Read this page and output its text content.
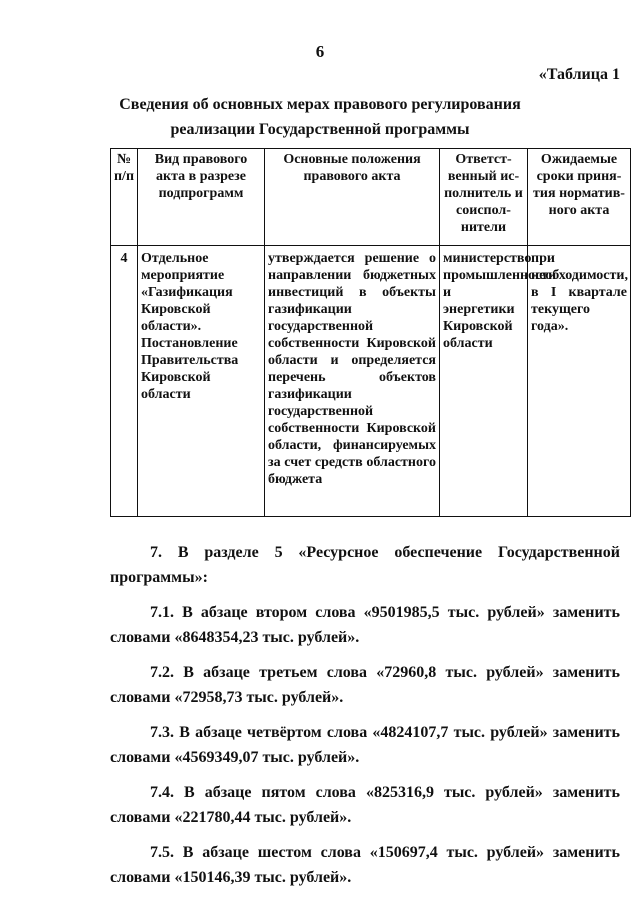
6
«Таблица 1
Сведения об основных мерах правового регулирования
реализации Государственной программы
№ п/п	Вид правового акта в разрезе подпрограмм	Основные положения правового акта	Ответст-венный ис-полнитель и соиспол-нители	Ожидаемые сроки приня-тия норматив-ного акта
4	Отдельное мероприятие «Газификация Кировской области». Постановление Правительства Кировской области	утверждается решение о направлении бюджетных инвестиций в объекты газификации государственной собственности Кировской области и определяется перечень объектов газификации государственной собственности Кировской области, финансируемых за счет средств областного бюджета	министерство промышленности и энергетики Кировской области	при необходимости, в I квартале текущего года».

7. В разделе 5 «Ресурсное обеспечение Государственной программы»:

7.1. В абзаце втором слова «9501985,5 тыс. рублей» заменить словами «8648354,23 тыс. рублей».

7.2. В абзаце третьем слова «72960,8 тыс. рублей» заменить словами «72958,73 тыс. рублей».

7.3. В абзаце четвёртом слова «4824107,7 тыс. рублей» заменить словами «4569349,07 тыс. рублей».

7.4. В абзаце пятом слова «825316,9 тыс. рублей» заменить словами «221780,44 тыс. рублей».

7.5. В абзаце шестом слова «150697,4 тыс. рублей» заменить словами «150146,39 тыс. рублей».
